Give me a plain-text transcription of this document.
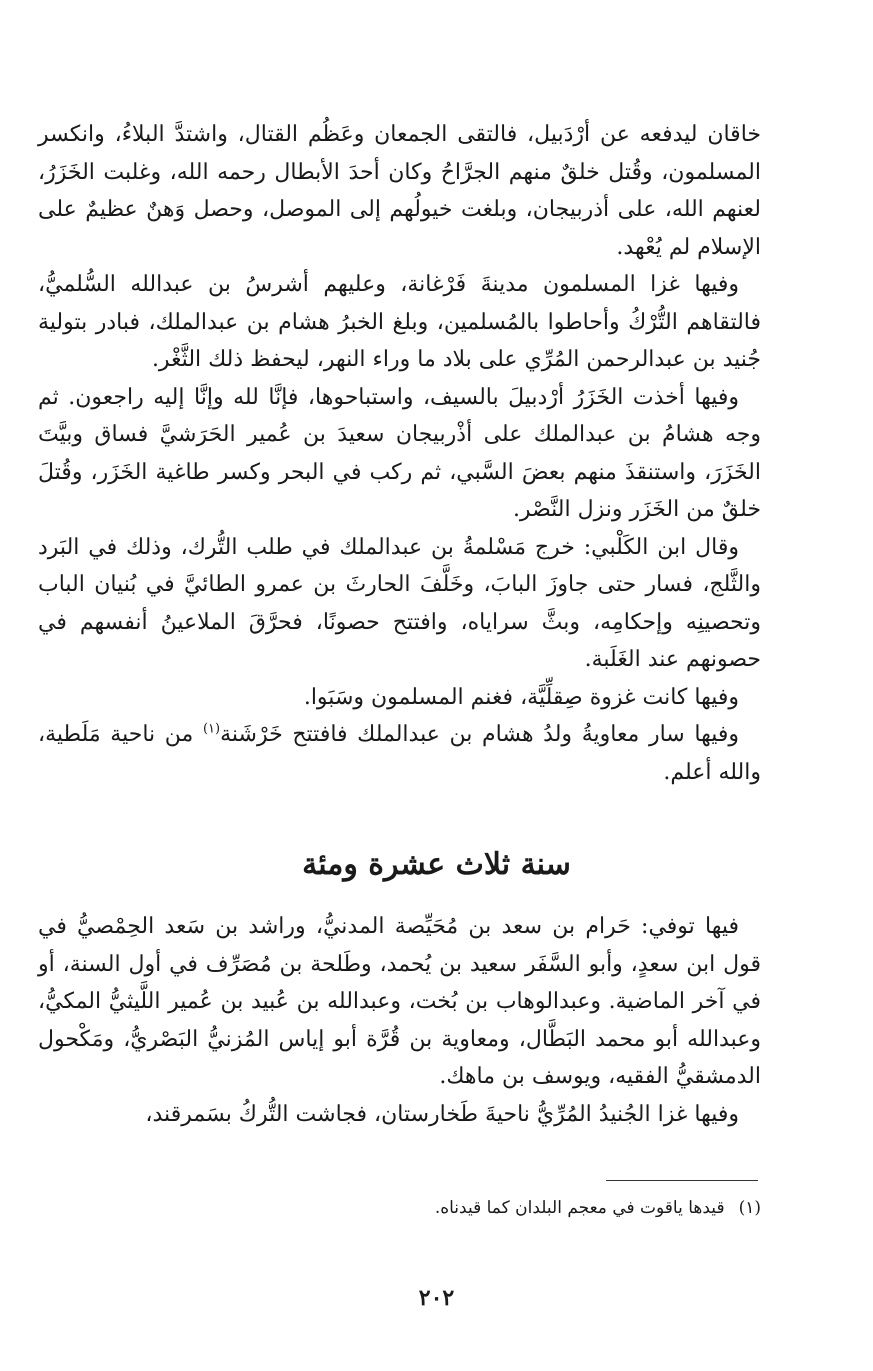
خاقان ليدفعه عن أرْدَبيل، فالتقى الجمعان وعَظُم القتال، واشتدَّ البلاءُ، وانكسر المسلمون، وقُتل خلقٌ منهم الجرَّاحُ وكان أحدَ الأبطال رحمه الله، وغلبت الخَزَرُ، لعنهم الله، على أذربيجان، وبلغت خيولُهم إلى الموصل، وحصل وَهنٌ عظيمٌ على الإسلام لم يُعْهد.

وفيها غزا المسلمون مدينةَ فَرْغانة، وعليهم أشرسُ بن عبدالله السُّلميُّ، فالتقاهم التُّرْكُ وأحاطوا بالمُسلمين، وبلغ الخبرُ هشام بن عبدالملك، فبادر بتولية جُنيد بن عبدالرحمن المُرِّي على بلاد ما وراء النهر، ليحفظ ذلك الثَّغْر.

وفيها أخذت الخَزَرُ أرْدبيلَ بالسيف، واستباحوها، فإنَّا لله وإنَّا إليه راجعون. ثم وجه هشامُ بن عبدالملك على أذْربيجان سعيدَ بن عُمير الحَرَشيَّ فساق وبيَّتَ الخَزَرَ، واستنقذَ منهم بعضَ السَّبي، ثم ركب في البحر وكسر طاغية الخَزَر، وقُتلَ خلقٌ من الخَزَر ونزل النَّصْر.

وقال ابن الكَلْبي: خرج مَسْلمةُ بن عبدالملك في طلب التُّرك، وذلك في البَرد والثَّلج، فسار حتى جاوزَ البابَ، وخَلَّفَ الحارثَ بن عمرو الطائيَّ في بُنيان الباب وتحصينِه وإحكامِه، وبثَّ سراياه، وافتتح حصونًا، فحرَّقَ الملاعينُ أنفسهم في حصونهم عند الغَلَبة.

وفيها كانت غزوة صِقلِّيَّة، فغنم المسلمون وسَبَوا.

وفيها سار معاويةُ ولدُ هشام بن عبدالملك فافتتح خَرْشَنة$^{(١)}$ من ناحية مَلَطية، والله أعلم.

سنة ثلاث عشرة ومئة

فيها توفي: حَرام بن سعد بن مُحَيِّصة المدنيُّ، وراشد بن سَعد الحِمْصيُّ في قول ابن سعدٍ، وأبو السَّفَر سعيد بن يُحمد، وطَلحة بن مُصَرِّف في أول السنة، أو في آخر الماضية. وعبدالوهاب بن بُخت، وعبدالله بن عُبيد بن عُمير اللَّيثيُّ المكيُّ، وعبدالله أبو محمد البَطَّال، ومعاوية بن قُرَّة أبو إياس المُزنيُّ البَصْريُّ، ومَكْحول الدمشقيُّ الفقيه، ويوسف بن ماهك.

وفيها غزا الجُنيدُ المُرِّيُّ ناحيةَ طَخارستان، فجاشت التُّركُ بسَمرقند،

(١)قيدها ياقوت في معجم البلدان كما قيدناه.
٢٠٢
